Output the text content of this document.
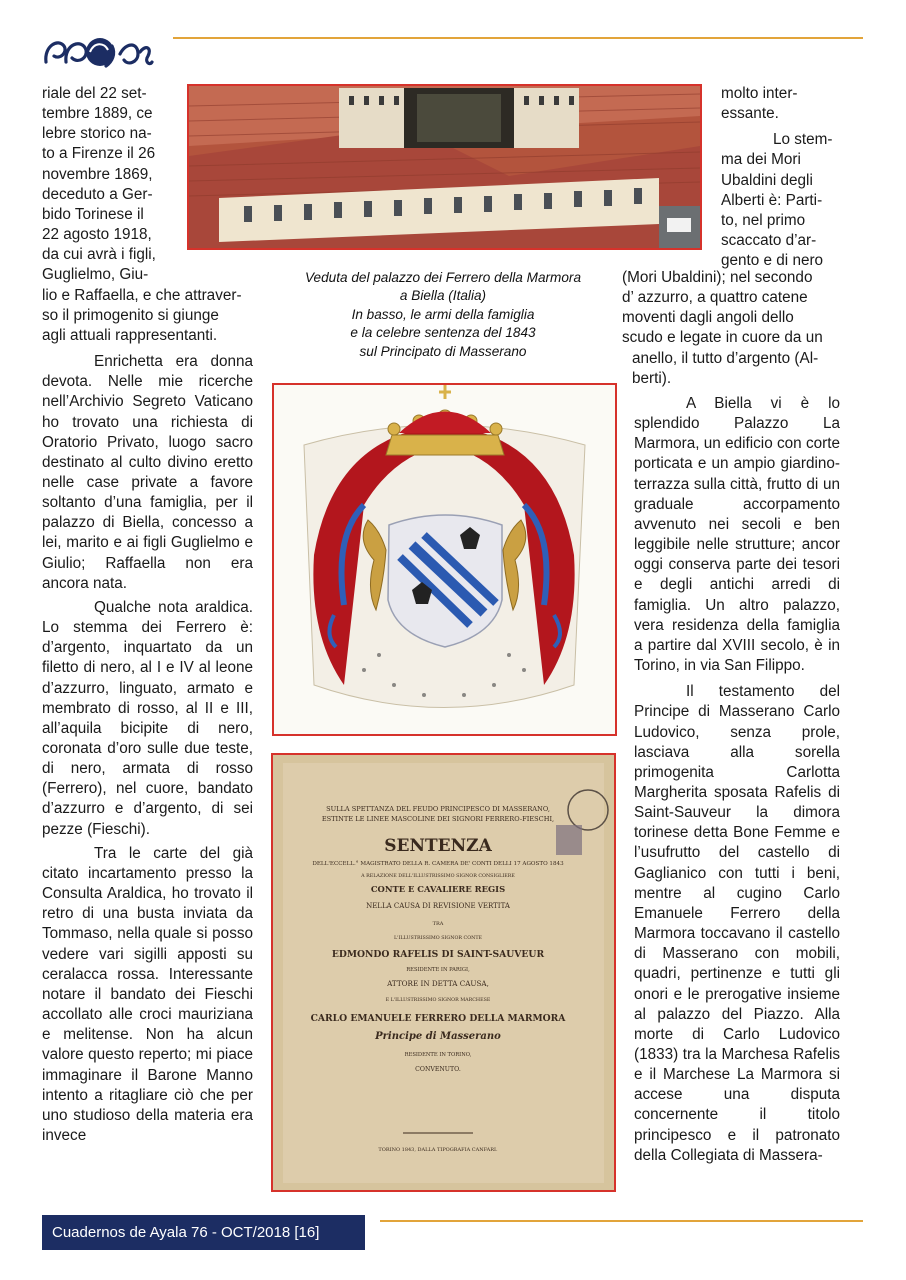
riale del 22 set-
tembre 1889, ce
lebre storico na-
to a Firenze il 26
novembre 1869,
deceduto a Ger-
bido Torinese il
22 agosto 1918,
da cui avrà i figli,
Guglielmo, Giu-
lio e Raffaella, e che attraver-
so il primogenito si giunge
agli attuali rappresentanti.

Enrichetta era donna devota. Nelle mie ricerche nell’Archivio Segreto Vaticano ho trovato una richiesta di Oratorio Privato, luogo sacro destinato al culto divino eretto nelle case private a favore soltanto d’una famiglia, per il palazzo di Biella, concesso a lei, marito e ai figli Guglielmo e Giulio; Raffaella non era ancora nata.

Qualche nota araldica. Lo stemma dei Ferrero è: d’argento, inquartato da un filetto di nero, al I e IV al leone d’azzurro, linguato, armato e membrato di rosso, al II e III, all’aquila bicipite di nero, coronata d’oro sulle due teste, di nero, armata di rosso (Ferrero), nel cuore, bandato d’azzurro e d’argento, di sei pezze (Fieschi).

Tra le carte del già citato incartamento presso la Consulta Araldica, ho trovato il retro di una busta inviata da Tommaso, nella quale si posso vedere vari sigilli apposti su ceralacca rossa. Interessante notare il bandato dei Fieschi accollato alle croci mauriziana e melitense. Non ha alcun valore questo reperto; mi piace immaginare il Barone Manno intento a ritagliare ciò che per uno studioso della materia era invece

Veduta del palazzo dei Ferrero della Marmora
a Biella (Italia)
In basso, le armi della famiglia
e la celebre sentenza del 1843
sul Principato di Masserano
SULLA SPETTANZA DEL FEUDO PRINCIPESCO DI MASSERANO,
ESTINTE LE LINEE MASCOLINE DEI SIGNORI FERRERO-FIESCHI,
SENTENZA
DELL'ECCELL.° MAGISTRATO DELLA R. CAMERA DE' CONTI DELLI 17 AGOSTO 1843
A RELAZIONE DELL'ILLUSTRISSIMO SIGNOR CONSIGLIERE
CONTE E CAVALIERE REGIS
NELLA CAUSA DI REVISIONE VERTITA
TRA
L'ILLUSTRISSIMO SIGNOR CONTE
EDMONDO RAFELIS DI SAINT-SAUVEUR
RESIDENTE IN PARIGI,
ATTORE IN DETTA CAUSA,
E L'ILLUSTRISSIMO SIGNOR MARCHESE
CARLO EMANUELE FERRERO DELLA MARMORA
Principe di Masserano
RESIDENTE IN TORINO,
CONVENUTO.
TORINO 1843, DALLA TIPOGRAFIA CANFARI.
molto inter-
essante.
Lo stem-
ma dei Mori
Ubaldini degli
Alberti è: Parti-
to, nel primo
scaccato d’ar-
gento e di nero
(Mori Ubaldini); nel secondo
d’ azzurro, a quattro catene
moventi dagli angoli dello
scudo e legate in cuore da un
anello, il tutto d’argento (Al-
berti).

A Biella vi è lo splendido Palazzo La Marmora, un edificio con corte porticata e un ampio giardino-terrazza sulla città, frutto di un graduale accorpamento avvenuto nei secoli e ben leggibile nelle strutture; ancor oggi conserva parte dei tesori e degli antichi arredi di famiglia. Un altro palazzo, vera residenza della famiglia a partire dal XVIII secolo, è in Torino, in via San Filippo.

Il testamento del Principe di Masserano Carlo Ludovico, senza prole, lasciava alla sorella primogenita Carlotta Margherita sposata Rafelis di Saint-Sauveur la dimora torinese detta Bone Femme e l’usufrutto del castello di Gaglianico con tutti i beni, mentre al cugino Carlo Emanuele Ferrero della Marmora toccavano il castello di Masserano con mobili, quadri, pertinenze e tutti gli onori e le prerogative insieme al palazzo del Piazzo. Alla morte di Carlo Ludovico (1833) tra la Marchesa Rafelis e il Marchese La Marmora si accese una disputa concernente il titolo principesco e il patronato della Collegiata di Massera-

Cuadernos de Ayala 76 - OCT/2018 [16]
